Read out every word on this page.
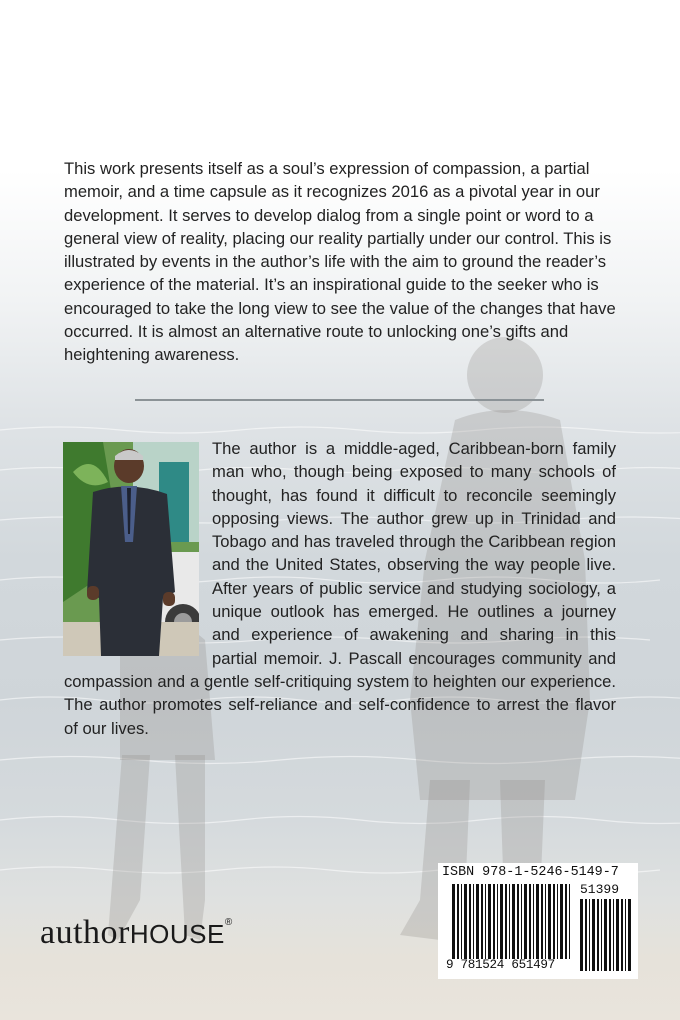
This work presents itself as a soul’s expression of compassion, a partial memoir, and a time capsule as it recognizes 2016 as a pivotal year in our development. It serves to develop dialog from a single point or word to a general view of reality, placing our reality partially under our control. This is illustrated by events in the author’s life with the aim to ground the reader’s experience of the material. It’s an inspirational guide to the seeker who is encouraged to take the long view to see the value of the changes that have occurred. It is almost an alternative route to unlocking one’s gifts and heightening awareness.

The author is a middle-aged, Caribbean-born family man who, though being exposed to many schools of thought, has found it difficult to reconcile seemingly opposing views. The author grew up in Trinidad and Tobago and has traveled through the Caribbean region and the United States, observing the way people live. After years of public service and studying sociology, a unique outlook has emerged. He outlines a journey and experience of awakening and sharing in this partial memoir. J. Pascall encourages community and compassion and a gentle self-critiquing system to heighten our experience. The author promotes self-reliance and self-confidence to arrest the flavor of our lives.

authorHOUSE®
ISBN 978-1-5246-5149-7
51399
9 781524 651497
